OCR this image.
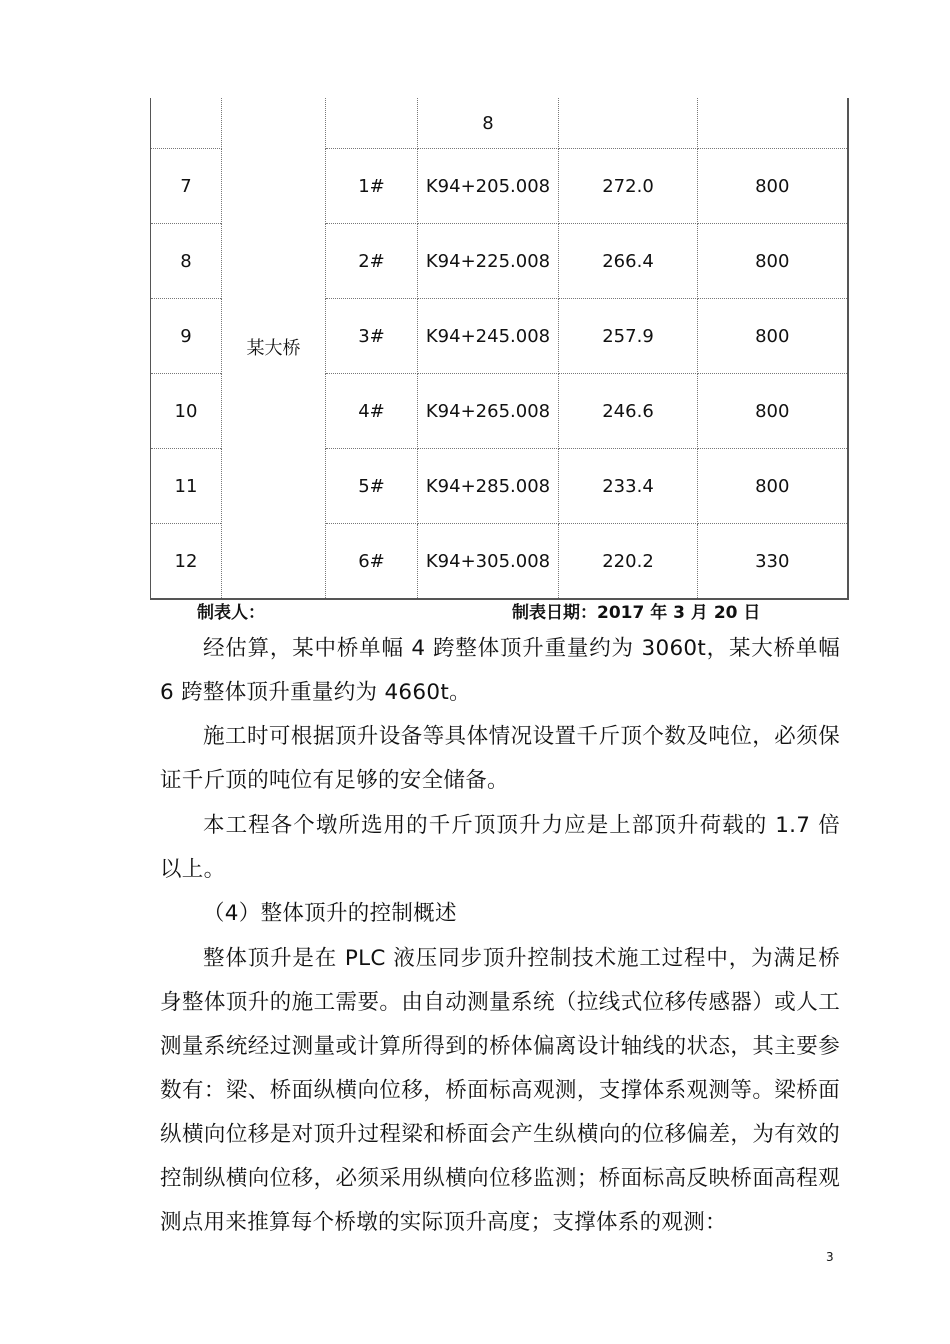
	某大桥		8		
7		1#	K94+205.008	272.0	800
8		2#	K94+225.008	266.4	800
9		3#	K94+245.008	257.9	800
10		4#	K94+265.008	246.6	800
11		5#	K94+285.008	233.4	800
12		6#	K94+305.008	220.2	330
制表人：	制表日期：2017 年 3 月 20 日

经估算，某中桥单幅 4 跨整体顶升重量约为 3060t，某大桥单幅 6 跨整体顶升重量约为 4660t。

施工时可根据顶升设备等具体情况设置千斤顶个数及吨位，必须保证千斤顶的吨位有足够的安全储备。

本工程各个墩所选用的千斤顶顶升力应是上部顶升荷载的 1.7 倍以上。

（4）整体顶升的控制概述

整体顶升是在 PLC 液压同步顶升控制技术施工过程中，为满足桥身整体顶升的施工需要。由自动测量系统（拉线式位移传感器）或人工测量系统经过测量或计算所得到的桥体偏离设计轴线的状态，其主要参数有：梁、桥面纵横向位移，桥面标高观测，支撑体系观测等。梁桥面纵横向位移是对顶升过程梁和桥面会产生纵横向的位移偏差，为有效的控制纵横向位移，必须采用纵横向位移监测；桥面标高反映桥面高程观测点用来推算每个桥墩的实际顶升高度；支撑体系的观测：

3
